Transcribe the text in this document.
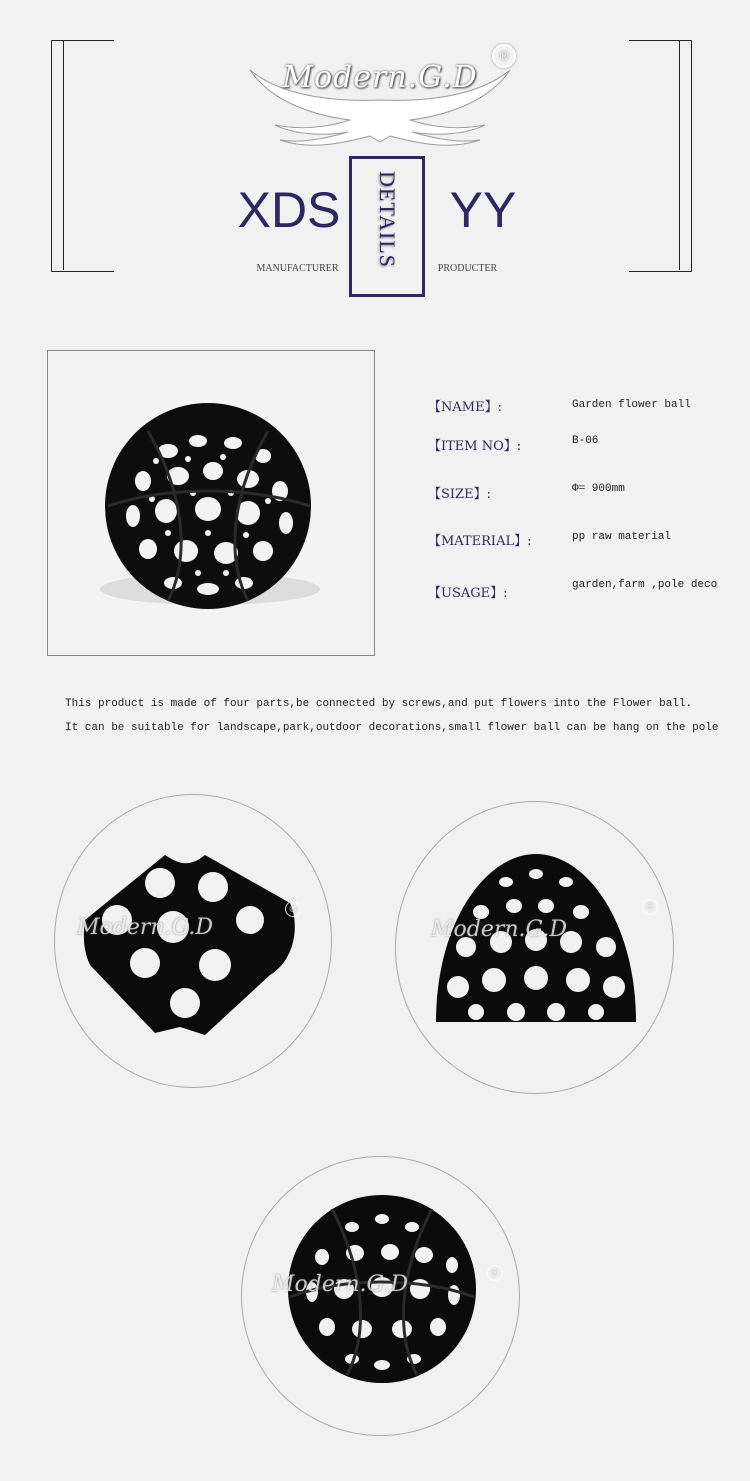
Modern.G.D
®
XDS
MANUFACTURER
DETAILS YY
PRODUCTER
【NAME】:	Garden flower ball
【ITEM NO】:	B-06
【SIZE】:	Φ= 900mm
【MATERIAL】:	pp raw material
【USAGE】:
garden,farm ,pole deco
This product is made of four parts,be connected by screws,and put flowers into the Flower ball.
It can be suitable for landscape,park,outdoor decorations,small flower ball can be hang on the pole
Modern.G.D
®
Modern.G.D
®
Modern.G.D	®
